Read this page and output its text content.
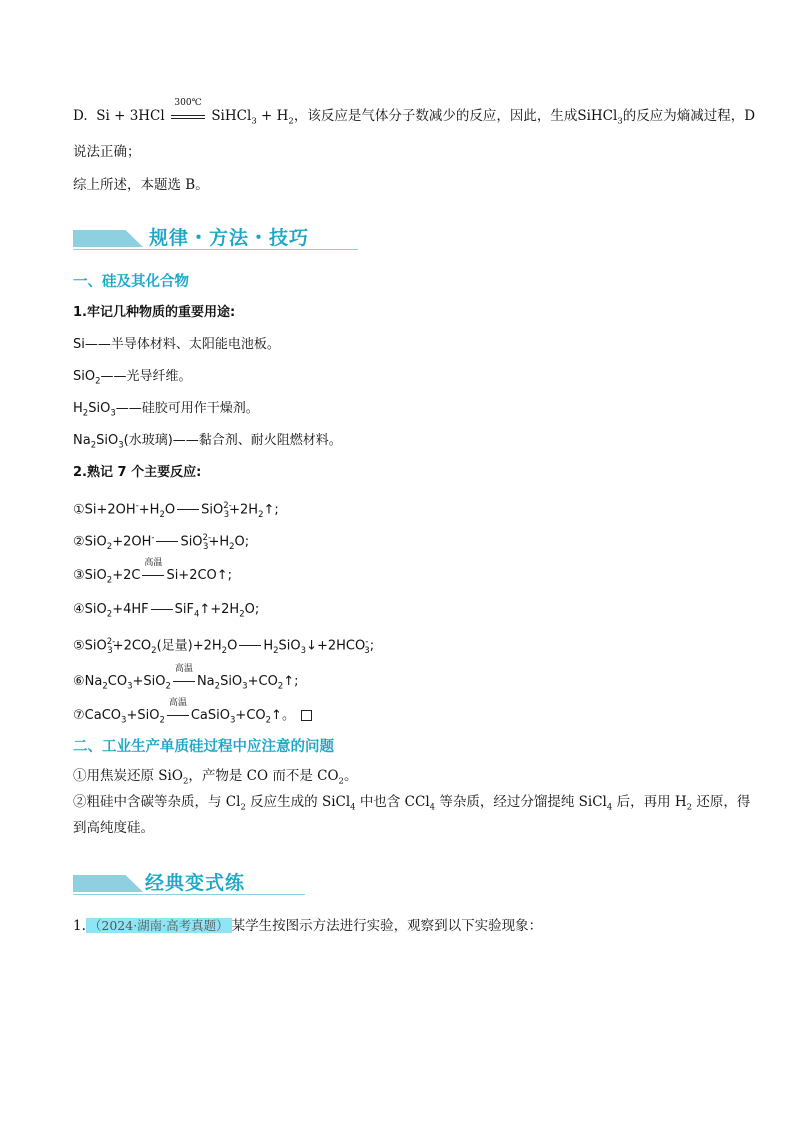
D. Si + 3HCl
300℃
SiHCl$_3$ + $H_2$，该反应是气体分子数减少的反应，因此，生成SiHCl$_3$的反应为熵减过程，D
说法正确；
综上所述，本题选 B。
规律・方法・技巧
一、硅及其化合物
1.牢记几种物质的重要用途:
Si——半导体材料、太阳能电池板。
SiO$_2$——光导纤维。
$H_2SiO_3——$硅胶可用作干燥剂。
$Na_2SiO_3$(水玻璃)——黏合剂、耐火阻燃材料。
2.熟记 7 个主要反应:
$①Si+2OH^-+H_2O$ $SiO^{2-}_3+2H_2↑$;
②SiO$_2$+2OH- $SiO^{2-}_3+H_2O$;
③SiO$_2$+2C
高温
Si+2CO↑;
④SiO$_2$+4HF $SiF_4↑+2H_2O$;
$⑤SiO^{2-}_3+2CO_2$(足量)$+2H_2O$ $H_2SiO_3↓+2HCO^-_3$;
$⑥Na_2CO_3+SiO_2$
高温
$Na_2SiO_3+CO_2↑$;
⑦CaCO$_3$+SiO$_2$
高温
$CaSiO_3+CO_2↑$。
二、工业生产单质硅过程中应注意的问题
①用焦炭还原 SiO$_2$，产物是 CO 而不是 $CO_2$。
②粗硅中含碳等杂质，与 $Cl_2$ 反应生成的 SiCl$_4$ 中也含 CCl$_4$ 等杂质，经过分馏提纯 SiCl$_4$ 后，再用 $H_2$ 还原，得
到高纯度硅。
经典变式练
1. （2024·湖南·高考真题） 某学生按图示方法进行实验，观察到以下实验现象：
